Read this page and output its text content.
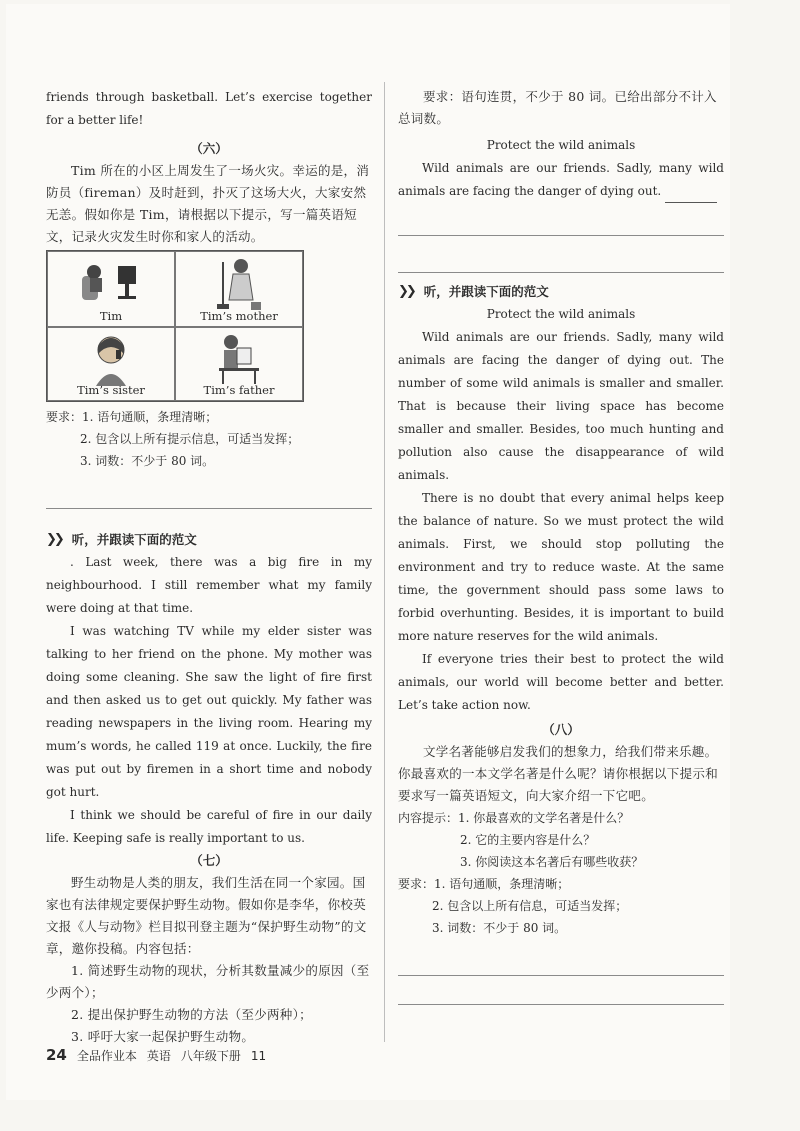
friends through basketball. Let’s exercise together for a better life!

（六）

Tim 所在的小区上周发生了一场火灾。幸运的是，消防员（fireman）及时赶到，扑灭了这场大火，大家安然无恙。假如你是 Tim，请根据以下提示，写一篇英语短文，记录火灾发生时你和家人的活动。

Tim	Tim’s mother
Tim’s sister	Tim’s father

要求：1. 语句通顺，条理清晰；

2. 包含以上所有提示信息，可适当发挥；

3. 词数：不少于 80 词。

❯❯ 听，并跟读下面的范文

. Last week, there was a big fire in my neighbourhood. I still remember what my family were doing at that time.

I was watching TV while my elder sister was talking to her friend on the phone. My mother was doing some cleaning. She saw the light of fire first and then asked us to get out quickly. My father was reading newspapers in the living room. Hearing my mum’s words, he called 119 at once. Luckily, the fire was put out by firemen in a short time and nobody got hurt.

I think we should be careful of fire in our daily life. Keeping safe is really important to us.

（七）

野生动物是人类的朋友，我们生活在同一个家园。国家也有法律规定要保护野生动物。假如你是李华，你校英文报《人与动物》栏目拟刊登主题为“保护野生动物”的文章，邀你投稿。内容包括：

1. 简述野生动物的现状，分析其数量减少的原因（至少两个）；

2. 提出保护野生动物的方法（至少两种）；

3. 呼吁大家一起保护野生动物。

要求：语句连贯，不少于 80 词。已给出部分不计入总词数。

Protect the wild animals

Wild animals are our friends. Sadly, many wild animals are facing the danger of dying out.

❯❯ 听，并跟读下面的范文

Protect the wild animals

Wild animals are our friends. Sadly, many wild animals are facing the danger of dying out. The number of some wild animals is smaller and smaller. That is because their living space has become smaller and smaller. Besides, too much hunting and pollution also cause the disappearance of wild animals.

There is no doubt that every animal helps keep the balance of nature. So we must protect the wild animals. First, we should stop polluting the environment and try to reduce waste. At the same time, the government should pass some laws to forbid overhunting. Besides, it is important to build more nature reserves for the wild animals.

If everyone tries their best to protect the wild animals, our world will become better and better. Let’s take action now.

（八）

文学名著能够启发我们的想象力，给我们带来乐趣。你最喜欢的一本文学名著是什么呢？请你根据以下提示和要求写一篇英语短文，向大家介绍一下它吧。

内容提示：1. 你最喜欢的文学名著是什么？

2. 它的主要内容是什么？

3. 你阅读这本名著后有哪些收获？

要求：1. 语句通顺，条理清晰；

2. 包含以上所有信息，可适当发挥；

3. 词数：不少于 80 词。

24 全品作业本 英语 八年级下册 11
